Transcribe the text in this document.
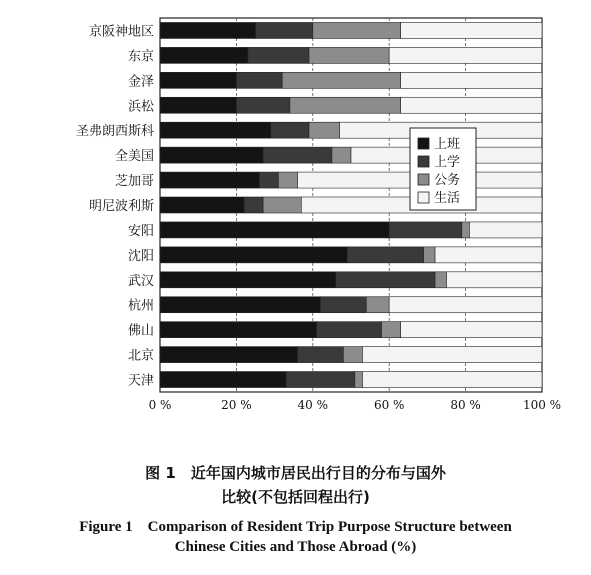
京阪神地区
东京
金泽
浜松
圣弗朗西斯科
全美国
芝加哥
明尼波利斯
安阳
沈阳
武汉
杭州
佛山
北京
天津
0 %	20 %	40 %	60 %	80 %	100 %
上班
上学
公务
生活
图 1　近年国内城市居民出行目的分布与国外
比较(不包括回程出行)
Figure 1　Comparison of Resident Trip Purpose Structure between
Chinese Cities and Those Abroad (%)
